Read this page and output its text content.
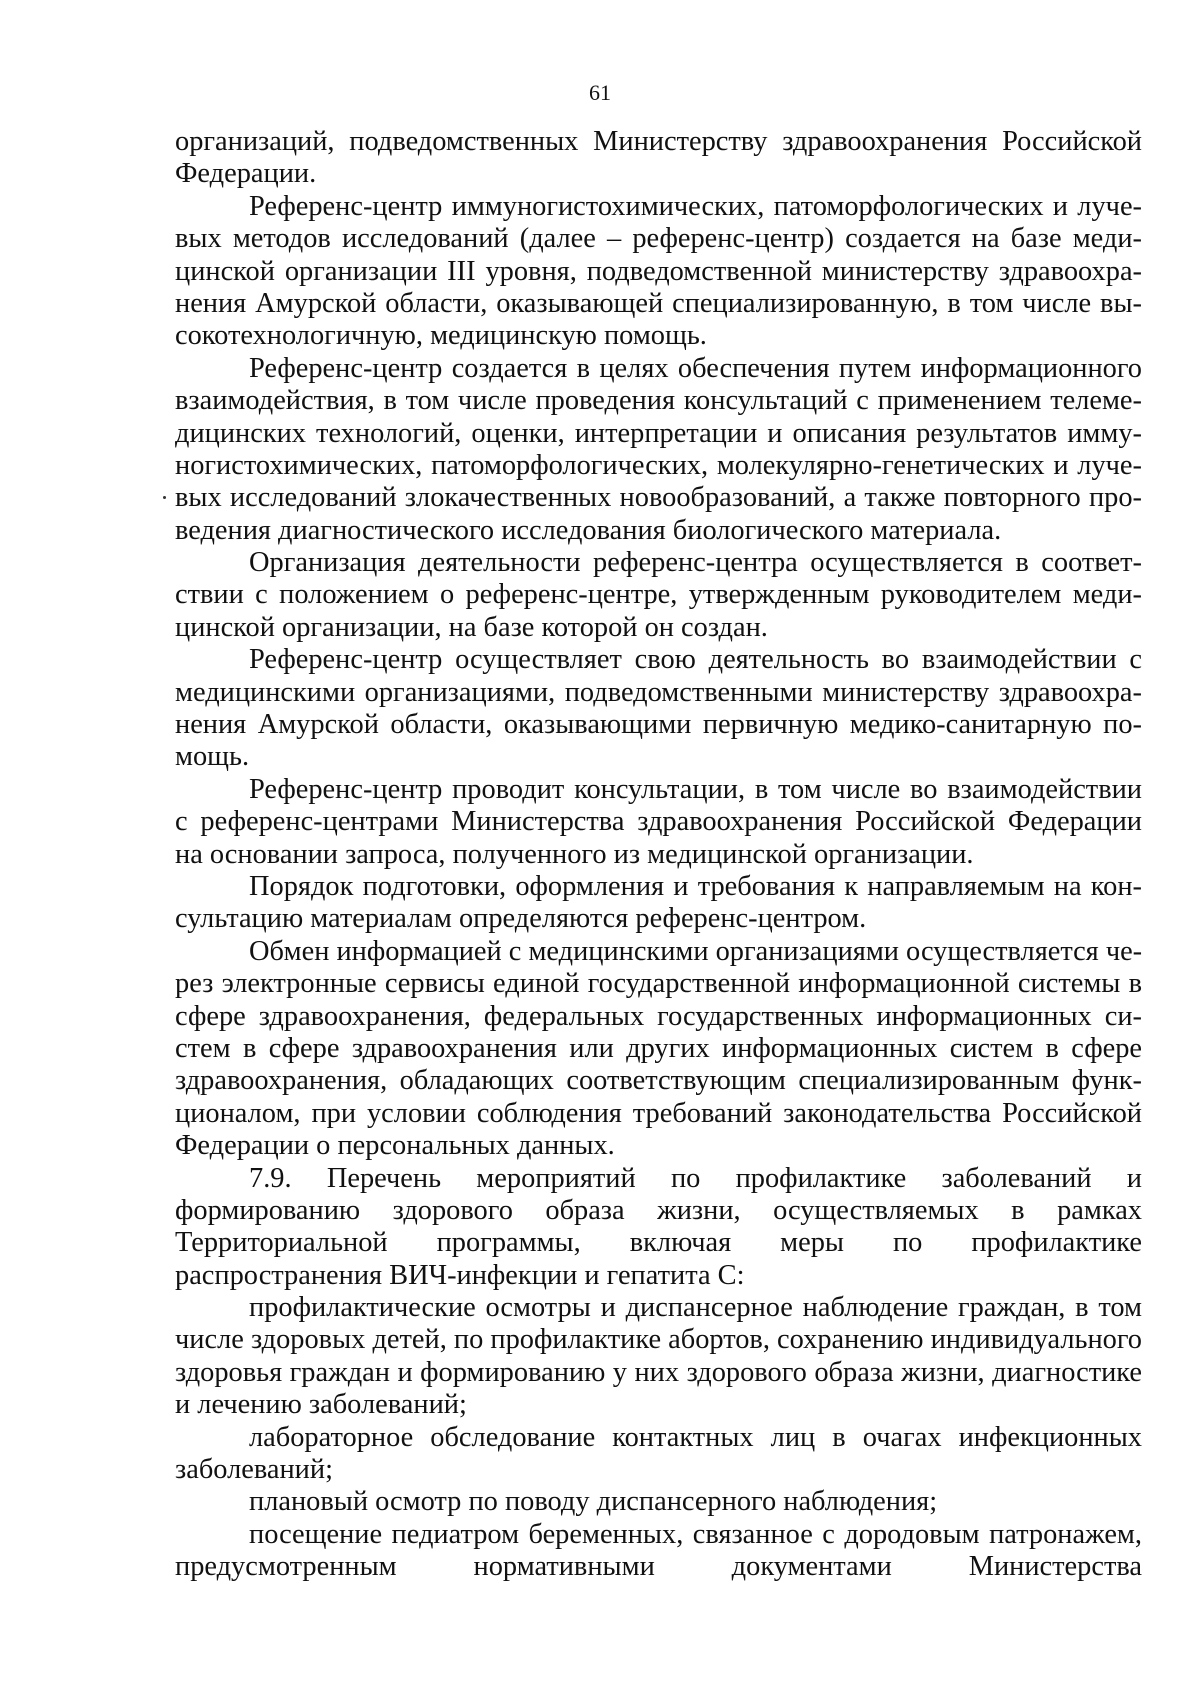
61
организаций, подведомственных Министерству здравоохранения Российской
Федерации.
Референс-центр иммуногистохимических, патоморфологических и луче-
вых методов исследований (далее – референс-центр) создается на базе меди-
цинской организации III уровня, подведомственной министерству здравоохра-
нения Амурской области, оказывающей специализированную, в том числе вы-
сокотехнологичную, медицинскую помощь.
Референс-центр создается в целях обеспечения путем информационного
взаимодействия, в том числе проведения консультаций с применением телеме-
дицинских технологий, оценки, интерпретации и описания результатов имму-
ногистохимических, патоморфологических, молекулярно-генетических и луче-
вых исследований злокачественных новообразований, а также повторного про-
ведения диагностического исследования биологического материала.
Организация деятельности референс-центра осуществляется в соответ-
ствии с положением о референс-центре, утвержденным руководителем меди-
цинской организации, на базе которой он создан.
Референс-центр осуществляет свою деятельность во взаимодействии с
медицинскими организациями, подведомственными министерству здравоохра-
нения Амурской области, оказывающими первичную медико-санитарную по-
мощь.
Референс-центр проводит консультации, в том числе во взаимодействии
с референс-центрами Министерства здравоохранения Российской Федерации
на основании запроса, полученного из медицинской организации.
Порядок подготовки, оформления и требования к направляемым на кон-
сультацию материалам определяются референс-центром.
Обмен информацией с медицинскими организациями осуществляется че-
рез электронные сервисы единой государственной информационной системы в
сфере здравоохранения, федеральных государственных информационных си-
стем в сфере здравоохранения или других информационных систем в сфере
здравоохранения, обладающих соответствующим специализированным функ-
ционалом, при условии соблюдения требований законодательства Российской
Федерации о персональных данных.
7.9. Перечень мероприятий по профилактике заболеваний и
формированию здорового образа жизни, осуществляемых в рамках
Территориальной программы, включая меры по профилактике
распространения ВИЧ-инфекции и гепатита С:
профилактические осмотры и диспансерное наблюдение граждан, в том
числе здоровых детей, по профилактике абортов, сохранению индивидуального
здоровья граждан и формированию у них здорового образа жизни, диагностике
и лечению заболеваний;
лабораторное обследование контактных лиц в очагах инфекционных
заболеваний;
плановый осмотр по поводу диспансерного наблюдения;
посещение педиатром беременных, связанное с дородовым патронажем,
предусмотренным нормативными документами Министерства
